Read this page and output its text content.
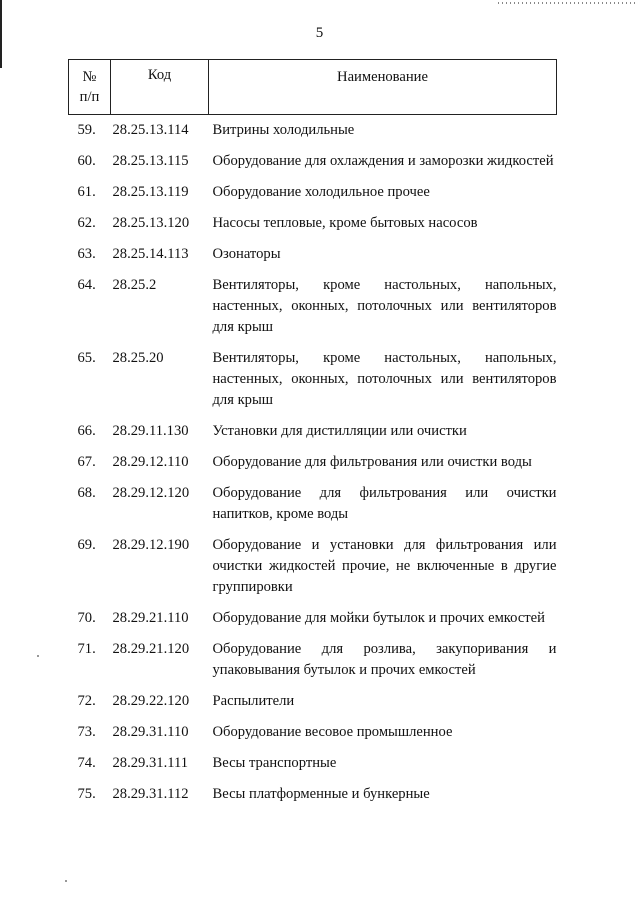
5
№ п/п	Код	Наименование
59.	28.25.13.114	Витрины холодильные
60.	28.25.13.115	Оборудование для охлаждения и заморозки жидкостей
61.	28.25.13.119	Оборудование холодильное прочее
62.	28.25.13.120	Насосы тепловые, кроме бытовых насосов
63.	28.25.14.113	Озонаторы
64.	28.25.2	Вентиляторы, кроме настольных, напольных, настенных, оконных, потолочных или вентиляторов для крыш
65.	28.25.20	Вентиляторы, кроме настольных, напольных, настенных, оконных, потолочных или вентиляторов для крыш
66.	28.29.11.130	Установки для дистилляции или очистки
67.	28.29.12.110	Оборудование для фильтрования или очистки воды
68.	28.29.12.120	Оборудование для фильтрования или очистки напитков, кроме воды
69.	28.29.12.190	Оборудование и установки для фильтрования или очистки жидкостей прочие, не включенные в другие группировки
70.	28.29.21.110	Оборудование для мойки бутылок и прочих емкостей
71.	28.29.21.120	Оборудование для розлива, закупоривания и упаковывания бутылок и прочих емкостей
72.	28.29.22.120	Распылители
73.	28.29.31.110	Оборудование весовое промышленное
74.	28.29.31.111	Весы транспортные
75.	28.29.31.112	Весы платформенные и бункерные
